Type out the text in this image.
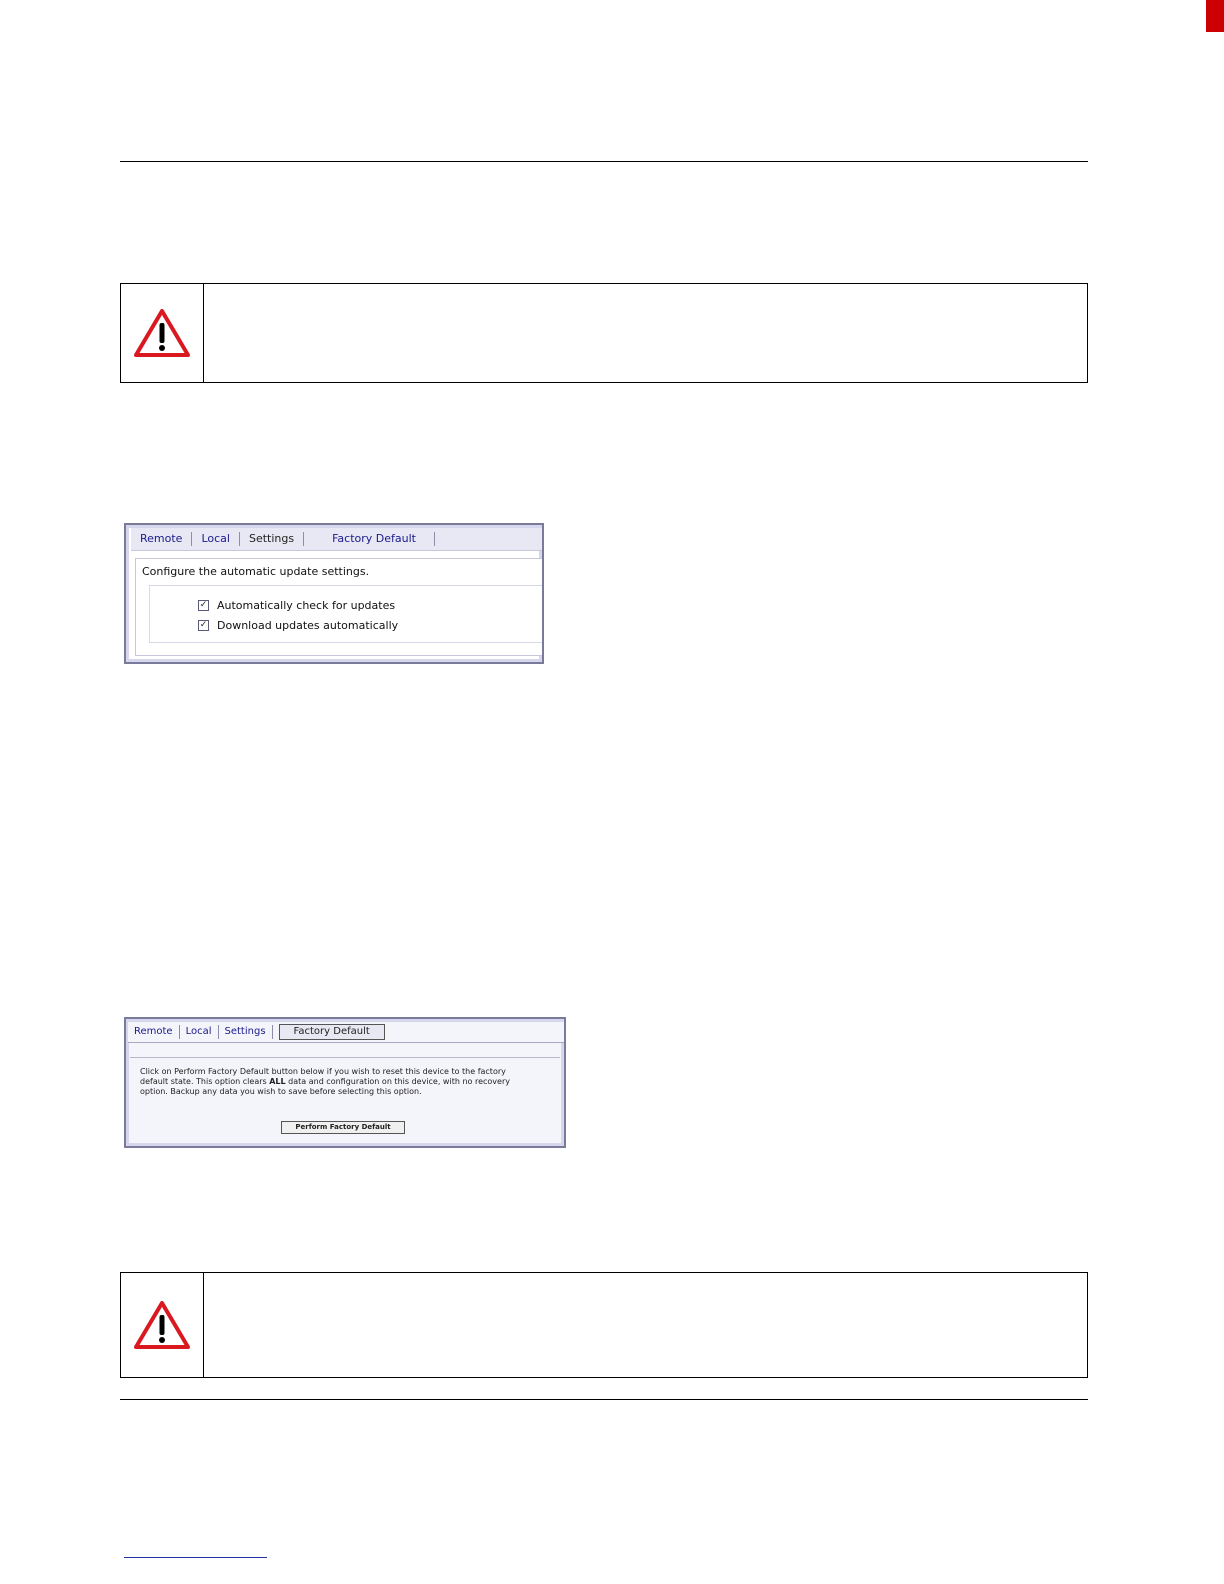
Remote	Local	Settings	Factory Default
Configure the automatic update settings.
✓ Automatically check for updates
✓ Download updates automatically
Remote	Local	Settings	Factory Default
Click on Perform Factory Default button below if you wish to reset this device to the factory default state. This option clears ALL data and configuration on this device, with no recovery option. Backup any data you wish to save before selecting this option.
Perform Factory Default
